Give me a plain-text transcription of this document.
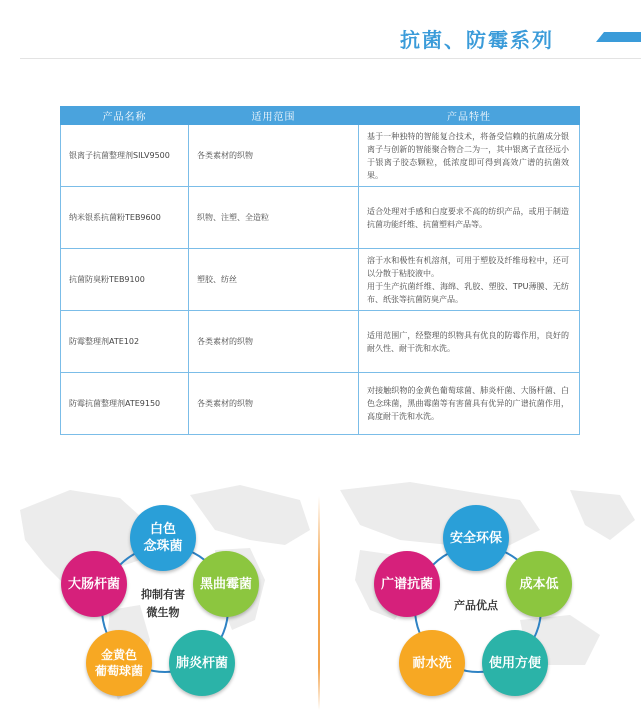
抗菌、防霉系列
产品名称	适用范围	产品特性
银离子抗菌整理剂SILV9500	各类素材的织物	基于一种独特的智能复合技术，将备受信赖的抗菌成分银离子与创新的智能聚合物合二为一，其中银离子直径远小于银离子胶态颗粒，低浓度即可得到高效广谱的抗菌效果。
纳米银系抗菌粉TEB9600	织物、注塑、全造粒	适合处理对手感和白度要求不高的纺织产品，或用于制造抗菌功能纤维、抗菌塑料产品等。
抗菌防臭粉TEB9100	塑胶、纺丝	溶于水和极性有机溶剂，可用于塑胶及纤维母粒中，还可以分散于粘胶液中。
用于生产抗菌纤维、海绵、乳胶、塑胶、TPU薄膜、无纺布、纸张等抗菌防臭产品。
防霉整理剂ATE102	各类素材的织物	适用范围广，经整理的织物具有优良的防霉作用，良好的耐久性、耐干洗和水洗。
防霉抗菌整理剂ATE9150	各类素材的织物	对接触织物的金黄色葡萄球菌、肺炎杆菌、大肠杆菌、白色念珠菌，黑曲霉菌等有害菌具有优异的广谱抗菌作用，高度耐干洗和水洗。
抑制有害
微生物
白色
念珠菌
黑曲霉菌
肺炎杆菌
金黄色
葡萄球菌
大肠杆菌
产品优点
安全环保
成本低
使用方便
耐水洗
广谱抗菌
